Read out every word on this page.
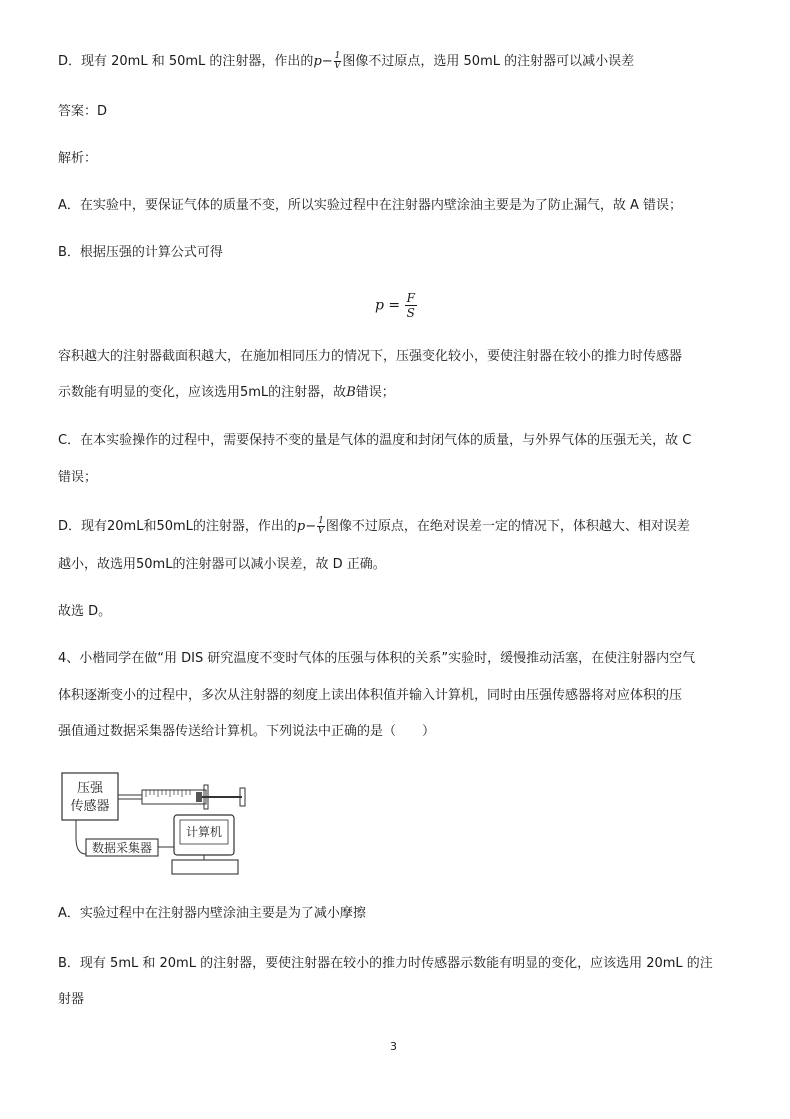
D．现有 20mL 和 50mL 的注射器，作出的$p- \frac{1}{V}$ 图像不过原点，选用 50mL 的注射器可以减小误差
答案：D
解析：
A．在实验中，要保证气体的质量不变，所以实验过程中在注射器内壁涂油主要是为了防止漏气，故 A 错误；
B．根据压强的计算公式可得
$p = \frac{F}{S}$
容积越大的注射器截面积越大，在施加相同压力的情况下，压强变化较小，要使注射器在较小的推力时传感器
示数能有明显的变化，应该选用5mL的注射器，故B错误；
C．在本实验操作的过程中，需要保持不变的量是气体的温度和封闭气体的质量，与外界气体的压强无关，故 C
错误；
D．现有20mL和50mL的注射器，作出的$p- \frac{1}{V}$ 图像不过原点，在绝对误差一定的情况下，体积越大、相对误差
越小，故选用50mL的注射器可以减小误差，故 D 正确。
故选 D。
4、小楷同学在做“用 DIS 研究温度不变时气体的压强与体积的关系”实验时，缓慢推动活塞，在使注射器内空气
体积逐渐变小的过程中，多次从注射器的刻度上读出体积值并输入计算机，同时由压强传感器将对应体积的压
强值通过数据采集器传送给计算机。下列说法中正确的是（　　）
压强
传感器
数据采集器
计算机
A．实验过程中在注射器内壁涂油主要是为了减小摩擦
B．现有 5mL 和 20mL 的注射器，要使注射器在较小的推力时传感器示数能有明显的变化，应该选用 20mL 的注
射器
3
